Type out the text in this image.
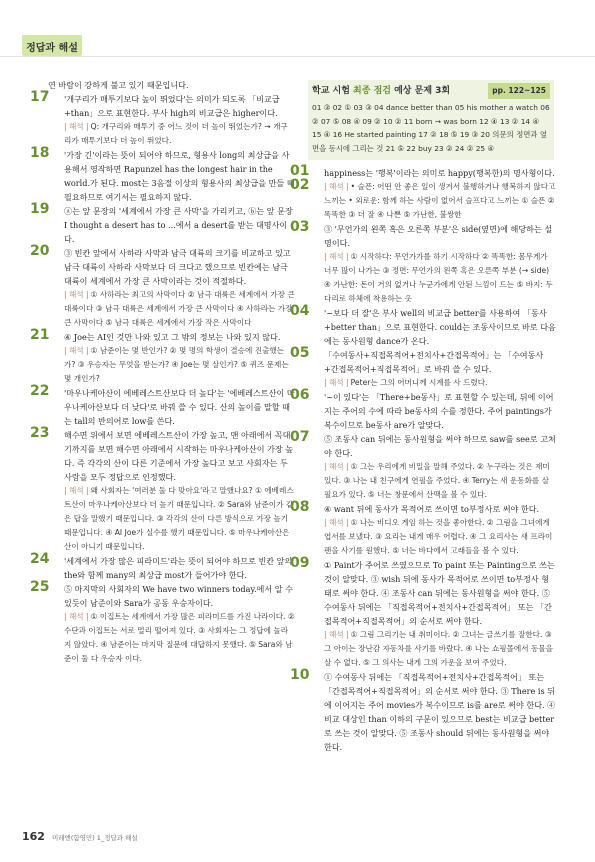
정답과 해설

연 바람이 강하게 불고 있기 때문입니다.

17	'개구리가 매투기보다 높이 뛰었다'는 의미가 되도록 「비교급+than」으로 표현한다. 부사 high의 비교급은 higher이다.

| 해석 | Q: 개구리와 매투기 중 어느 것이 더 높이 뛰었는가? → 개구리가 매투기보다 더 높이 뛰었다.

18	'가장 긴'이라는 뜻이 되어야 하므로, 형용사 long의 최상급을 사용해서 영작하면 Rapunzel has the longest hair in the world.가 된다. most는 3음절 이상의 형용사의 최상급을 만들 때 필요하므로 여기서는 필요하지 않다.

19	ⓐ는 앞 문장의 '세계에서 가장 큰 사막'을 가리키고, ⓑ는 앞 문장 I thought a desert has to ...에서 a desert를 받는 대명사이다.

20	③ 빈칸 앞에서 사하라 사막과 남극 대륙의 크기를 비교하고 있고 남극 대륙이 사하라 사막보다 더 크다고 했으므로 빈칸에는 남극 대륙이 세계에서 가장 큰 사막이라는 것이 적절하다.

| 해석 | ① 사하라는 최고의 사막이다 ② 남극 대륙은 세계에서 가장 큰 대륙이다 ③ 남극 대륙은 세계에서 가장 큰 사막이다 ④ 사하라는 가장 큰 사막이다 ⑤ 남극 대륙은 세계에서 가장 작은 사막이다

21	④ Joe는 AI인 것만 나와 있고 그 밖의 정보는 나와 있지 않다.

| 해석 | ① 남준이는 몇 반인가? ② 몇 명의 학생이 결승에 진출했는가? ③ 우승자는 무엇을 받는가? ④ Joe는 몇 살인가? ⑤ 퀴즈 문제는 몇 개인가?

22	'마우나케아산이 에베레스트산보다 더 높다'는 '에베레스트산이 마우나케아산보다 더 낮다'로 바꿔 쓸 수 있다. 산의 높이를 말할 때는 tall의 반의어로 low를 쓴다.

23	해수면 위에서 보면 에베레스트산이 가장 높고, 맨 아래에서 꼭대기까지를 보면 해수면 아래에서 시작하는 마우나케아산이 가장 높다. 즉 각각의 산이 다른 기준에서 가장 높다고 보고 사회자는 두 사람을 모두 정답으로 인정했다.

| 해석 | 왜 사회자는 '여러분 둘 다 맞아요'라고 말했나요? ① 에베레스트산이 마우나케아산보다 더 높기 때문입니다. ② Sara와 남준이가 같은 답을 말했기 때문입니다. ③ 각각의 산이 다른 방식으로 가장 높기 때문입니다. ④ AI Joe가 실수를 했기 때문입니다. ⑤ 마우나케아산은 산이 아니기 때문입니다.

24	'세계에서 가장 많은 피라미드'라는 뜻이 되어야 하므로 빈칸 앞의 the와 함께 many의 최상급 most가 들어가야 한다.

25	⑤ 마지막의 사회자의 We have two winners today.에서 알 수 있듯이 남준이와 Sara가 공동 우승자이다.

| 해석 | ① 이집트는 세계에서 가장 많은 피라미드를 가진 나라이다. ② 수단과 이집트는 서로 멀리 떨어져 있다. ③ 사회자는 그 정답에 놀라지 않았다. ④ 남준이는 마지막 질문에 대답하지 못했다. ⑤ Sara와 남준이 둘 다 우승자 이다.

학교 시험 최종 점검 예상 문제 3회	pp. 122~125
01 ③ 02 ① 03 ③ 04 dance better than 05 his mother a watch 06 ② 07 ⑤ 08 ④ 09 ② 10 ② 11 born → was born 12 ④ 13 ② 14 ④ 15 ④ 16 He started painting 17 ② 18 ⑤ 19 ③ 20 의문의 정면과 옆면을 동시에 그리는 것 21 ⑤ 22 buy 23 ② 24 ② 25 ④
01	happiness는 '행복'이라는 의미로 happy(행복한)의 명사형이다.

02	| 해석 | • 슬픈: 어떤 안 좋은 일이 생겨서 불행하거나 행복하지 않다고 느끼는 • 외로운: 함께 하는 사람이 없어서 슬프다고 느끼는 ① 슬픈 ② 똑똑한 ③ 더 잘 ④ 나쁜 ⑤ 가난한, 불쌍한

03	③ '무언가의 왼쪽 혹은 오른쪽 부분'은 side(옆면)에 해당하는 설명이다.

| 해석 | ① 시작하다: 무언가가를 하기 시작하다 ② 똑똑한: 몸무게가 너무 많이 나가는 ③ 정면: 무언가의 왼쪽 혹은 오른쪽 부분 (→ side) ④ 가난한: 돈이 거의 없거나 누군가에게 안된 느낌이 드는 ⑤ 바지: 두 다리로 하체에 착용하는 옷

04	'~보다 더 잘'은 부사 well의 비교급 better를 사용하여 「동사+better than」으로 표현한다. could는 조동사이므로 바로 다음에는 동사원형 dance가 온다.

05	「수여동사+직접목적어+전치사+간접목적어」는 「수여동사+간접목적어+직접목적어」로 바꿔 쓸 수 있다.

| 해석 | Peter는 그의 어머니께 시계를 사 드렸다.

06	'~이 있다'는 「There+be동사」로 표현할 수 있는데, 뒤에 이어지는 주어의 수에 따라 be동사의 수를 정한다. 주어 paintings가 복수이므로 be동사 are가 알맞다.

07	⑤ 조동사 can 뒤에는 동사원형을 써야 하므로 saw를 see로 고쳐야 한다.

| 해석 | ① 그는 우리에게 비밀을 말해 주었다. ② 누구라는 것은 재미있다. ③ 나는 내 친구에게 연필을 주었다. ④ Terry는 새 운동화를 살 필요가 있다. ⑤ 너는 창문에서 산맥을 볼 수 있다.

08	④ want 뒤에 동사가 목적어로 쓰이면 to부정사로 써야 한다.

| 해석 | ① 나는 비디오 게임 하는 것을 좋아한다. ② 그림을 그녀에게 엽서를 보냈다. ③ 요리는 내게 매우 어렵다. ④ 그 요리사는 새 프라이팬을 사기를 원했다. ⑤ 너는 바다에서 고래들을 볼 수 있다.

09	① Paint가 주어로 쓰였으므로 To paint 또는 Painting으로 쓰는 것이 알맞다. ③ wish 뒤에 동사가 목적어로 쓰이면 to부정사 형태로 써야 한다. ④ 조동사 can 뒤에는 동사원형을 써야 한다. ⑤ 수여동사 뒤에는 「직접목적어+전치사+간접목적어」 또는 「간접목적어+직접목적어」의 순서로 써야 한다.

| 해석 | ① 그림 그리기는 내 취미이다. ② 그녀는 글쓰기를 잘한다. ③ 그 아이는 장난감 자동차를 사기를 바랐다. ④ 나는 쇼핑몰에서 동물을 살 수 없다. ⑤ 그 의사는 내게 그의 가운을 보여 주었다.

10	① 수여동사 뒤에는 「직접목적어+전치사+간접목적어」 또는 「간접목적어+직접목적어」의 순서로 써야 한다. ③ There is 뒤에 이어지는 주어 movies가 복수이므로 is를 are로 써야 한다. ④ 비교 대상인 than 이하의 구문이 있으므로 best는 비교급 better로 쓰는 것이 알맞다. ⑤ 조동사 should 뒤에는 동사원형을 써야 한다.

162 미래엔(함영민) 1_정답과 해설
